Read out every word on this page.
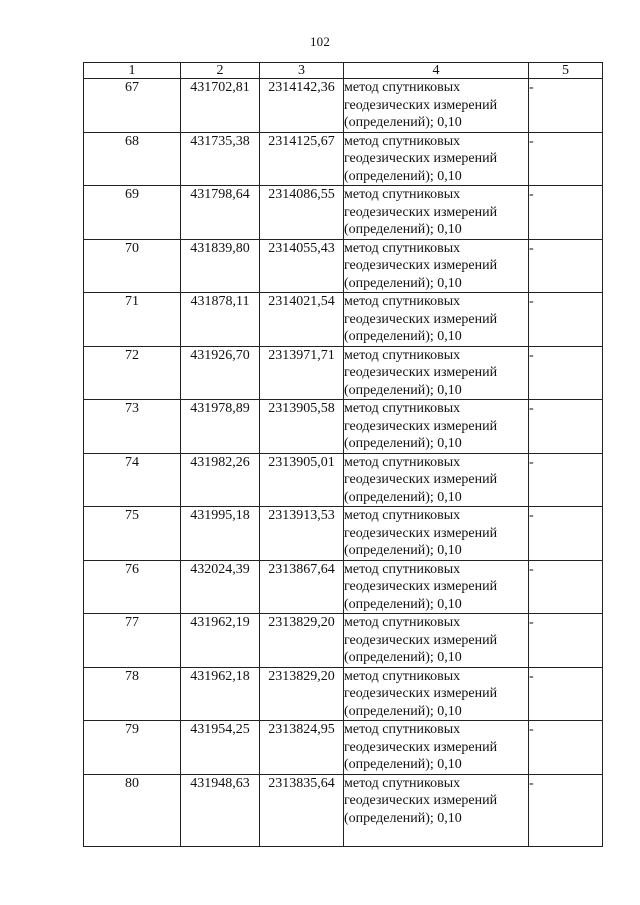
102
1	2	3	4	5
67	431702,81	2314142,36	метод спутниковых
геодезических измерений
(определений); 0,10	-
68	431735,38	2314125,67	метод спутниковых
геодезических измерений
(определений); 0,10	-
69	431798,64	2314086,55	метод спутниковых
геодезических измерений
(определений); 0,10	-
70	431839,80	2314055,43	метод спутниковых
геодезических измерений
(определений); 0,10	-
71	431878,11	2314021,54	метод спутниковых
геодезических измерений
(определений); 0,10	-
72	431926,70	2313971,71	метод спутниковых
геодезических измерений
(определений); 0,10	-
73	431978,89	2313905,58	метод спутниковых
геодезических измерений
(определений); 0,10	-
74	431982,26	2313905,01	метод спутниковых
геодезических измерений
(определений); 0,10	-
75	431995,18	2313913,53	метод спутниковых
геодезических измерений
(определений); 0,10	-
76	432024,39	2313867,64	метод спутниковых
геодезических измерений
(определений); 0,10	-
77	431962,19	2313829,20	метод спутниковых
геодезических измерений
(определений); 0,10	-
78	431962,18	2313829,20	метод спутниковых
геодезических измерений
(определений); 0,10	-
79	431954,25	2313824,95	метод спутниковых
геодезических измерений
(определений); 0,10	-
80	431948,63	2313835,64	метод спутниковых
геодезических измерений
(определений); 0,10	-
